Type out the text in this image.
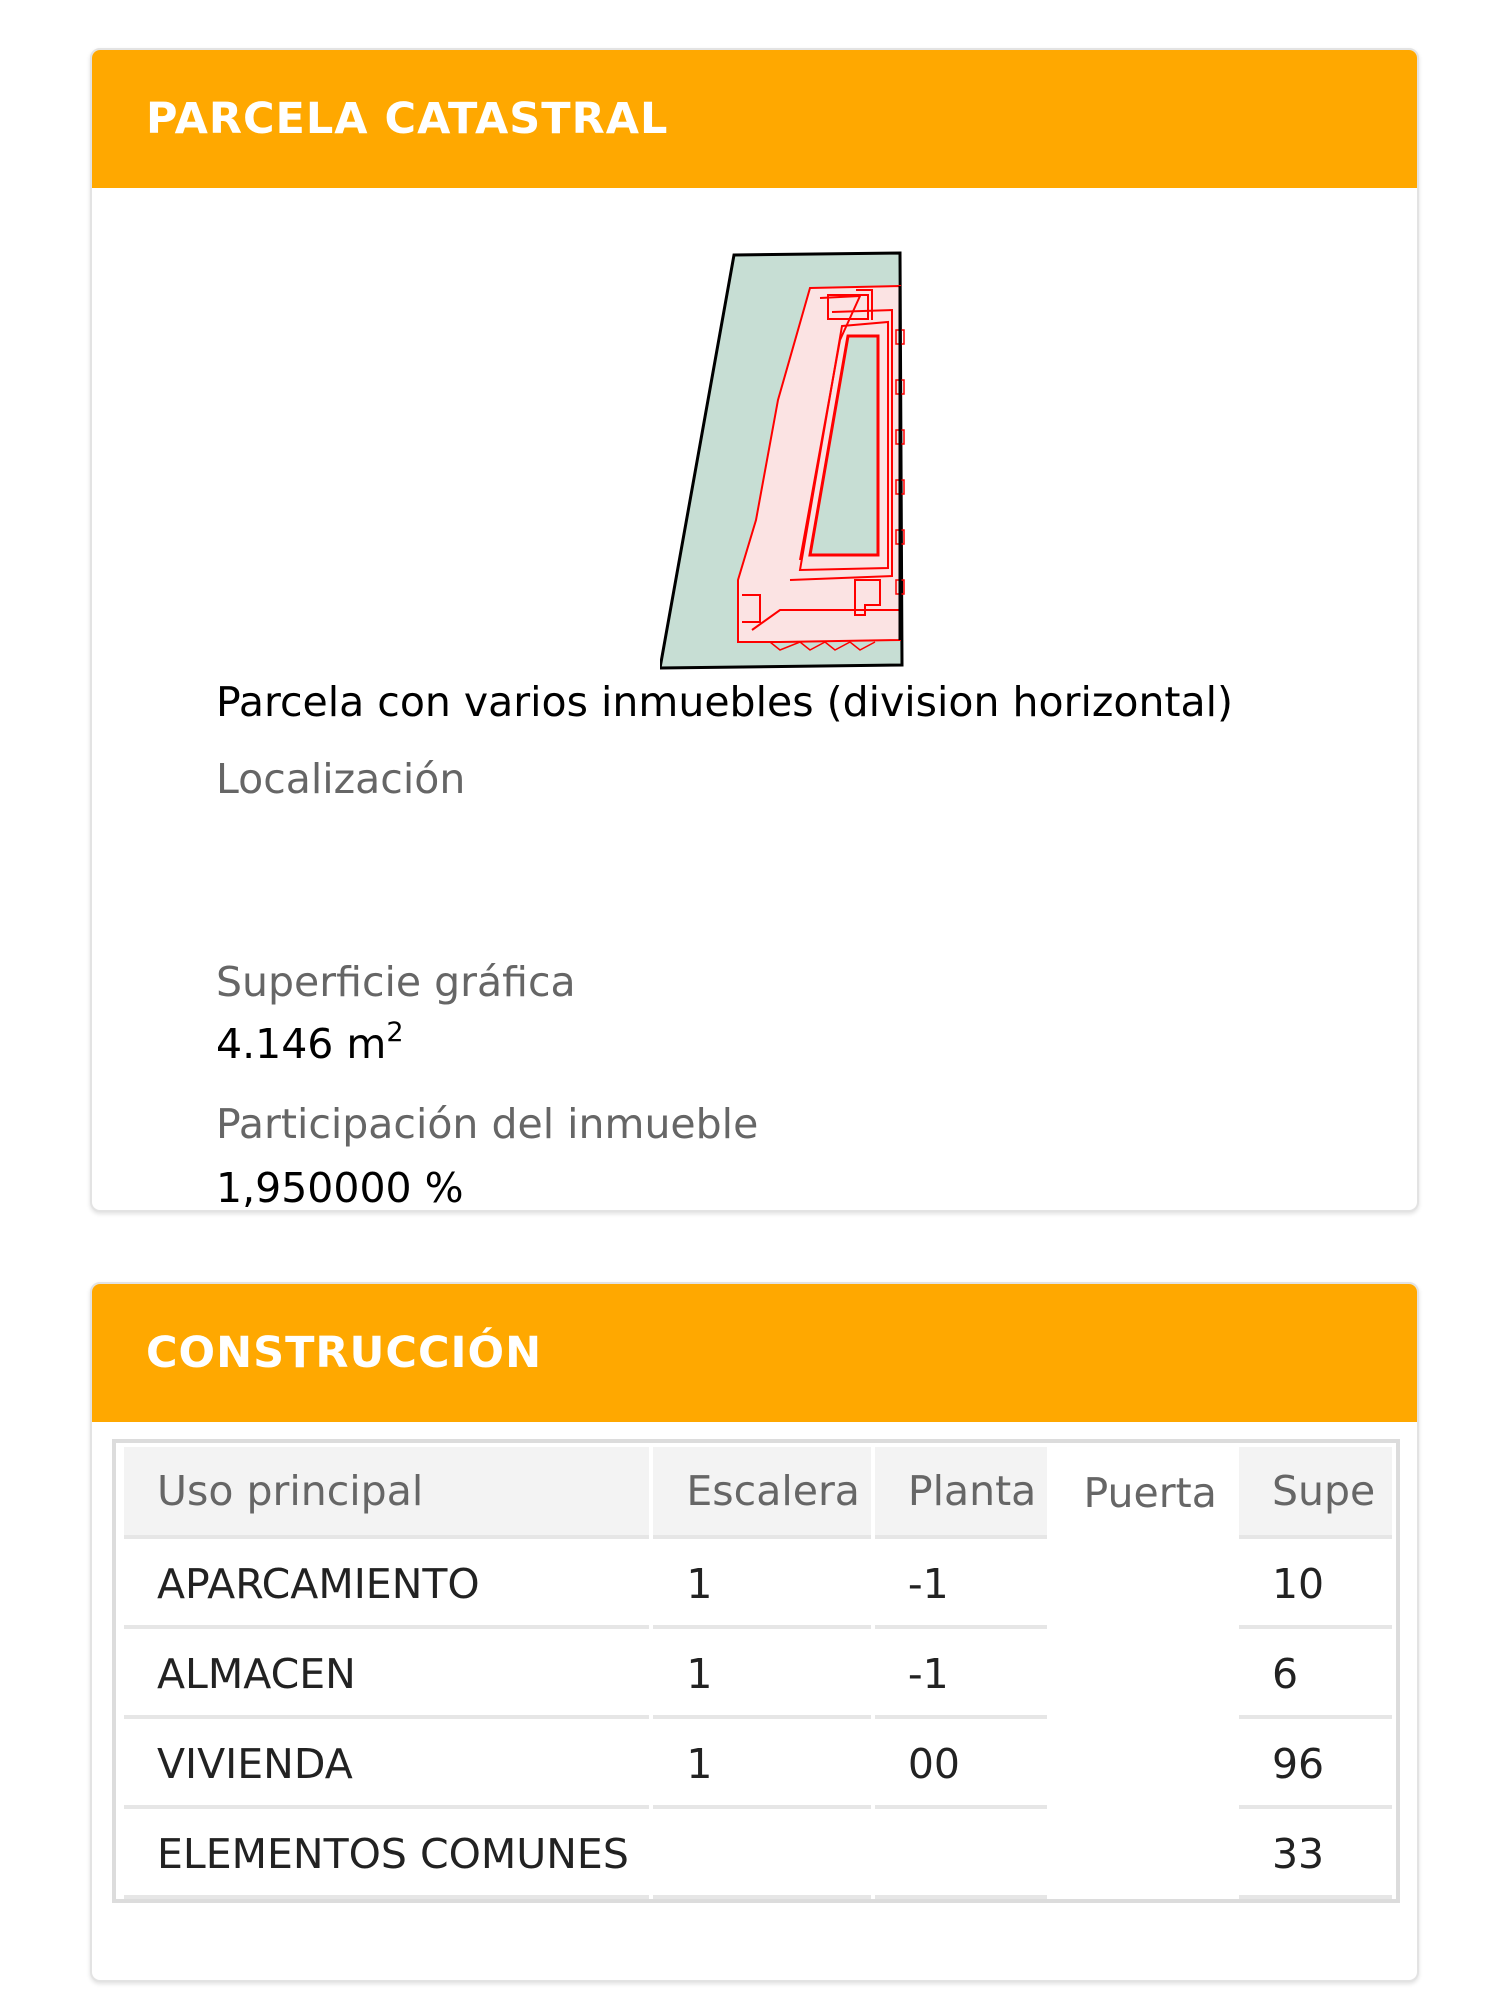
PARCELA CATASTRAL
Parcela con varios inmuebles (division horizontal)
Localización
Superficie gráfica
4.146 $m^2$
Participación del inmueble
1,950000 %
CONSTRUCCIÓN
Uso principal	Escalera	Planta	Puerta	Supe
APARCAMIENTO	1	-1		10
ALMACEN	1	-1		6
VIVIENDA	1	00		96
ELEMENTOS COMUNES				33
